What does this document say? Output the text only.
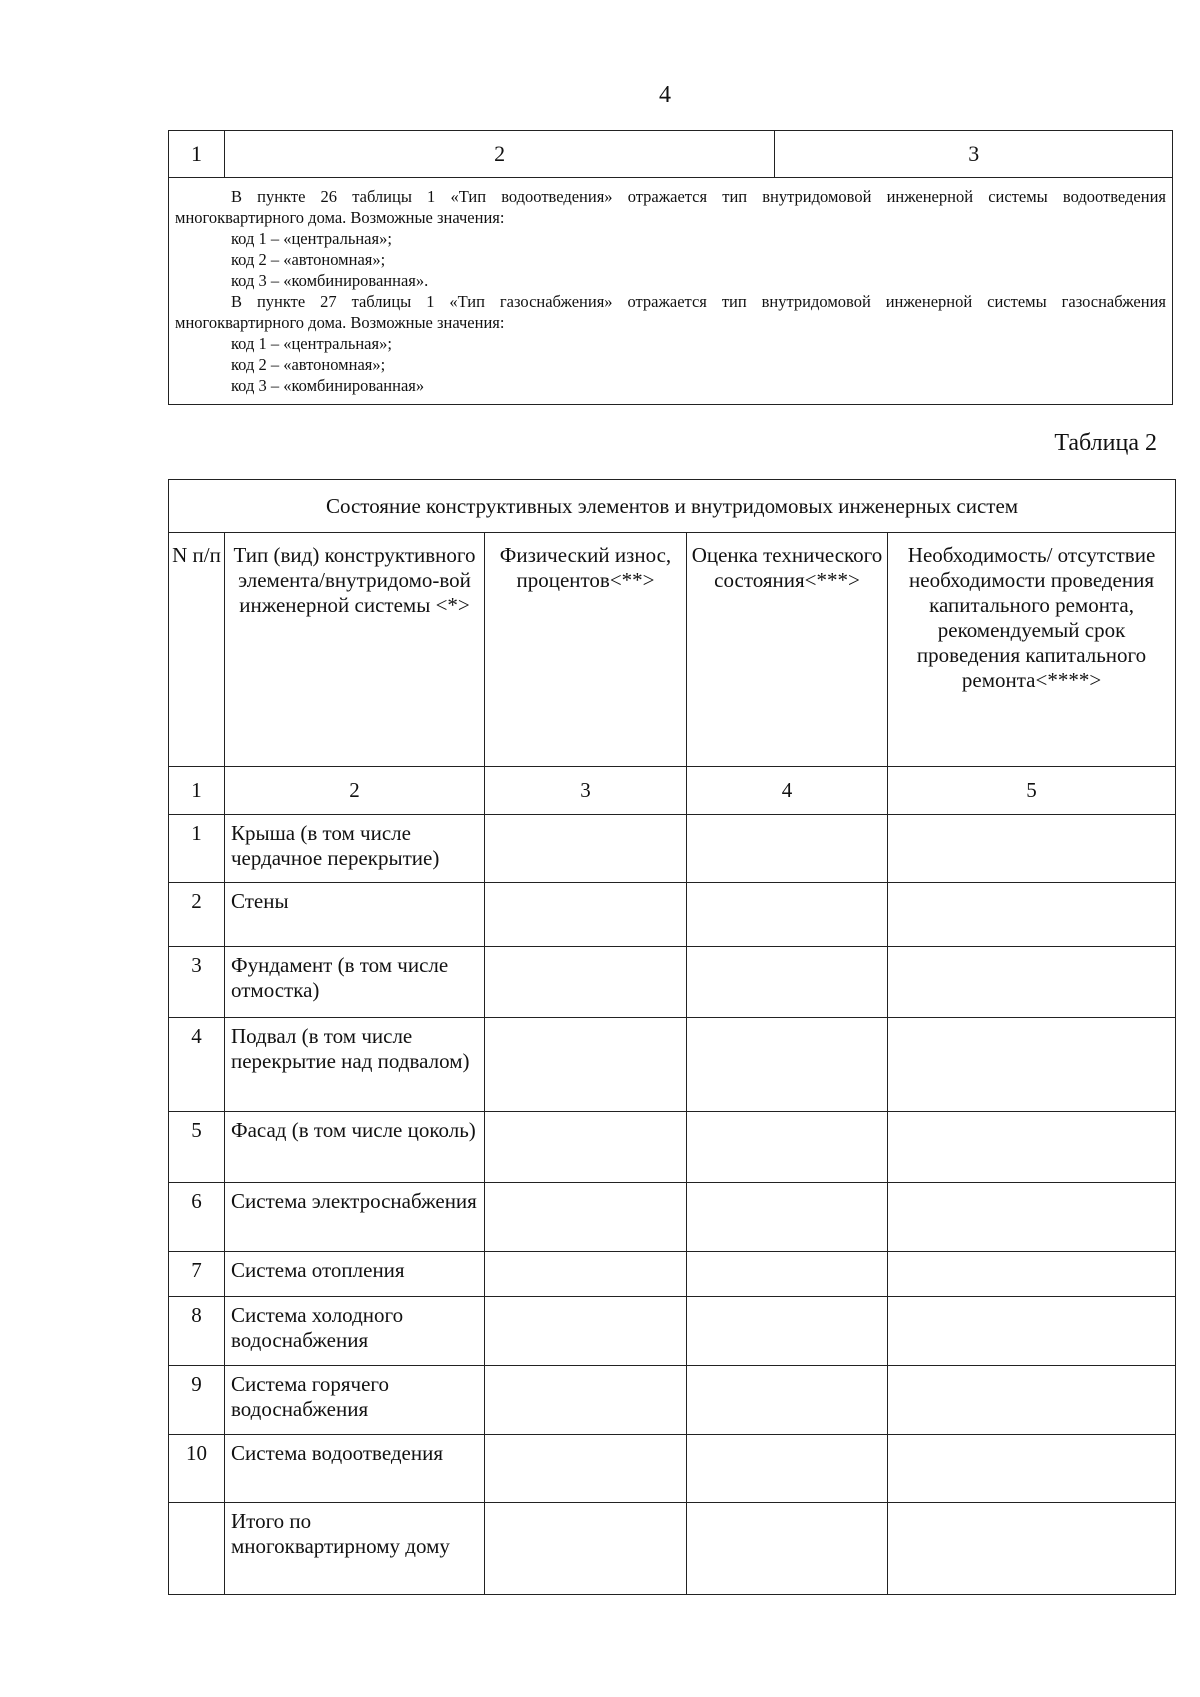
4
1	2	3

В пункте 26 таблицы 1 «Тип водоотведения» отражается тип внутридомовой инженерной системы водоотведения многоквартирного дома. Возможные значения:
код 1 – «центральная»;
код 2 – «автономная»;
код 3 – «комбинированная».
В пункте 27 таблицы 1 «Тип газоснабжения» отражается тип внутридомовой инженерной системы газоснабжения многоквартирного дома. Возможные значения:
код 1 – «центральная»;
код 2 – «автономная»;
код 3 – «комбинированная»
Таблица 2
Состояние конструктивных элементов и внутридомовых инженерных систем				
N п/п	Тип (вид) конструктивного элемента/внутридомо-вой инженерной системы <*>	Физический износ, процентов<**>	Оценка технического состояния<***>	Необходимость/ отсутствие необходимости проведения капитального ремонта, рекомендуемый срок проведения капитального ремонта<****>
1	2	3	4	5
1	Крыша (в том числе чердачное перекрытие)			
2	Стены			
3	Фундамент (в том числе отмостка)			
4	Подвал (в том числе перекрытие над подвалом)			
5	Фасад (в том числе цоколь)			
6	Система электроснабжения			
7	Система отопления			
8	Система холодного водоснабжения			
9	Система горячего водоснабжения			
10	Система водоотведения			
	Итого по многоквартирному дому			
